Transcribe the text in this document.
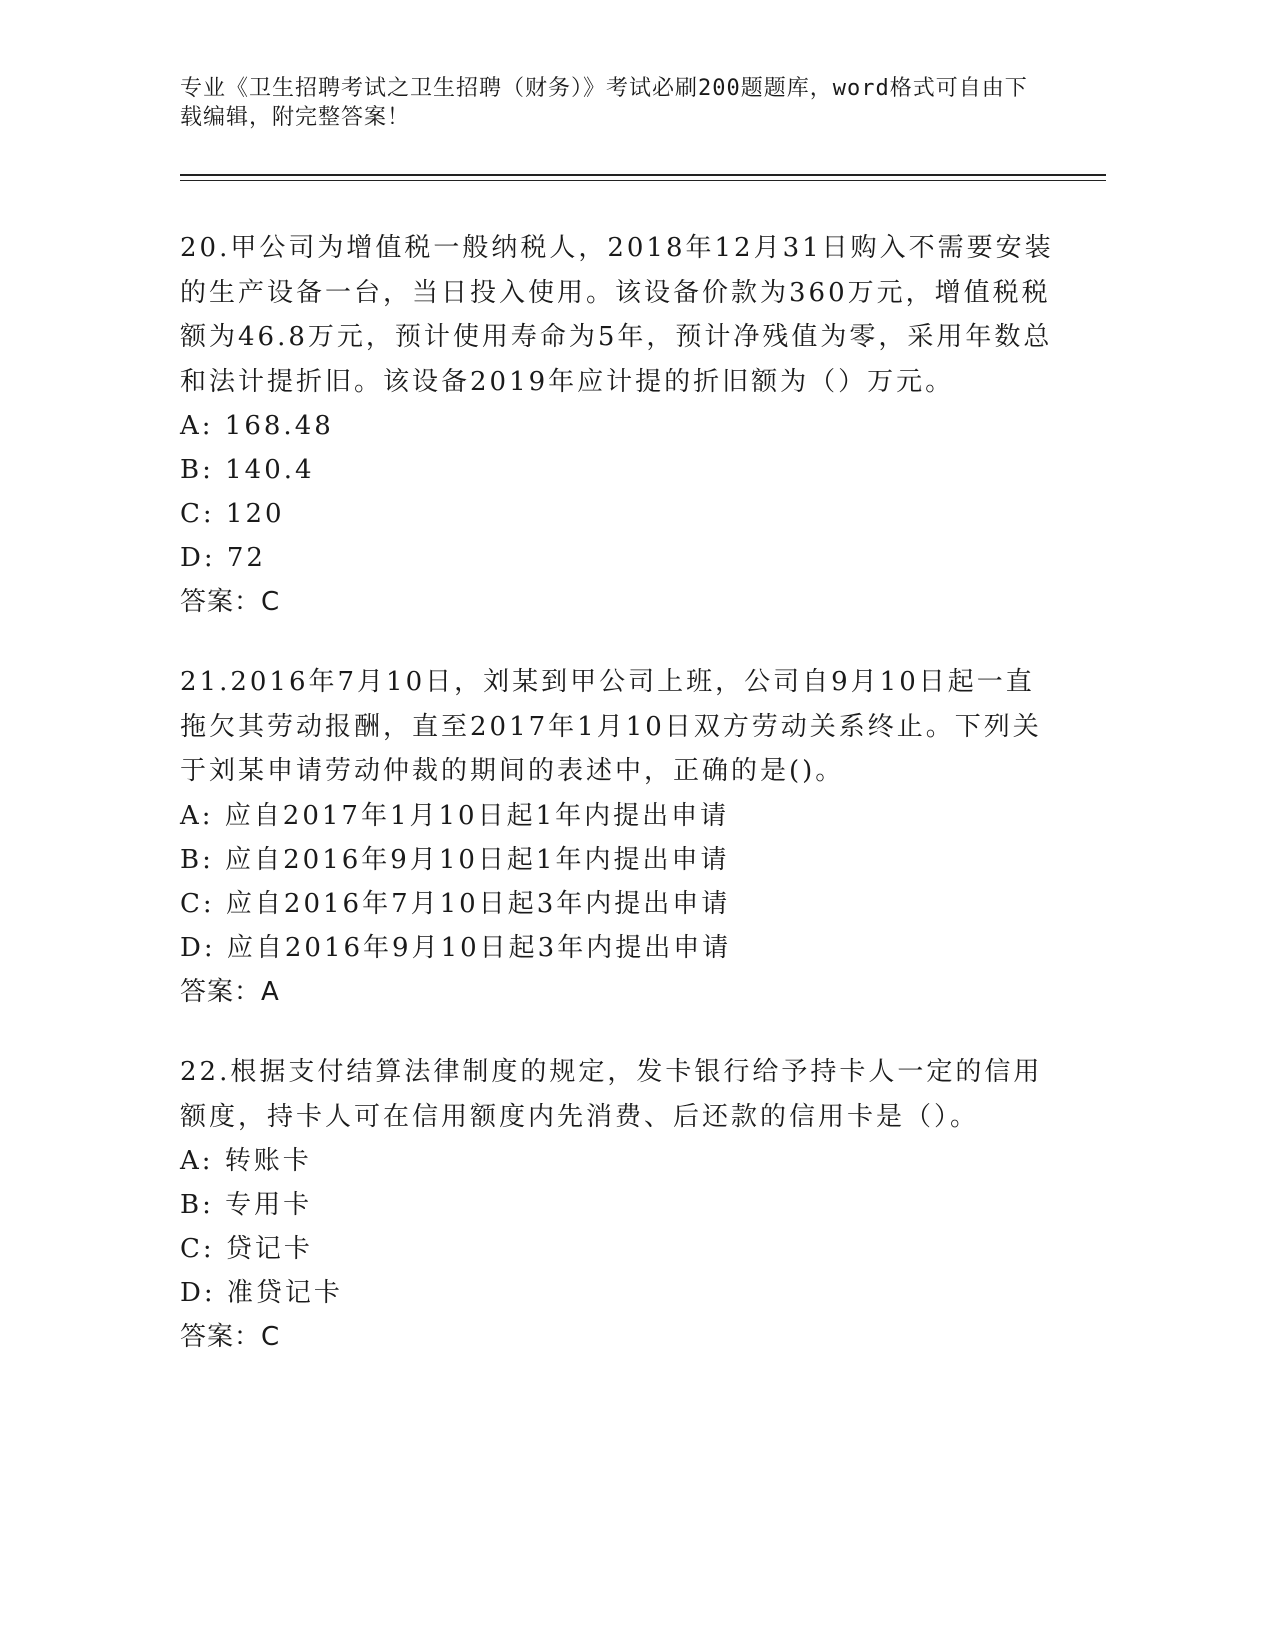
专业《卫生招聘考试之卫生招聘（财务）》考试必刷200题题库，word格式可自由下载编辑，附完整答案！

20.甲公司为增值税一般纳税人，2018年12月31日购入不需要安装的生产设备一台，当日投入使用。该设备价款为360万元，增值税税额为46.8万元，预计使用寿命为5年，预计净残值为零，采用年数总和法计提折旧。该设备2019年应计提的折旧额为（）万元。

A: 168.48

B: 140.4

C: 120

D: 72

答案：C

21.2016年7月10日，刘某到甲公司上班，公司自9月10日起一直拖欠其劳动报酬，直至2017年1月10日双方劳动关系终止。下列关于刘某申请劳动仲裁的期间的表述中，正确的是()。

A: 应自2017年1月10日起1年内提出申请

B: 应自2016年9月10日起1年内提出申请

C: 应自2016年7月10日起3年内提出申请

D: 应自2016年9月10日起3年内提出申请

答案：A

22.根据支付结算法律制度的规定，发卡银行给予持卡人一定的信用额度，持卡人可在信用额度内先消费、后还款的信用卡是（）。

A: 转账卡

B: 专用卡

C: 贷记卡

D: 准贷记卡

答案：C
